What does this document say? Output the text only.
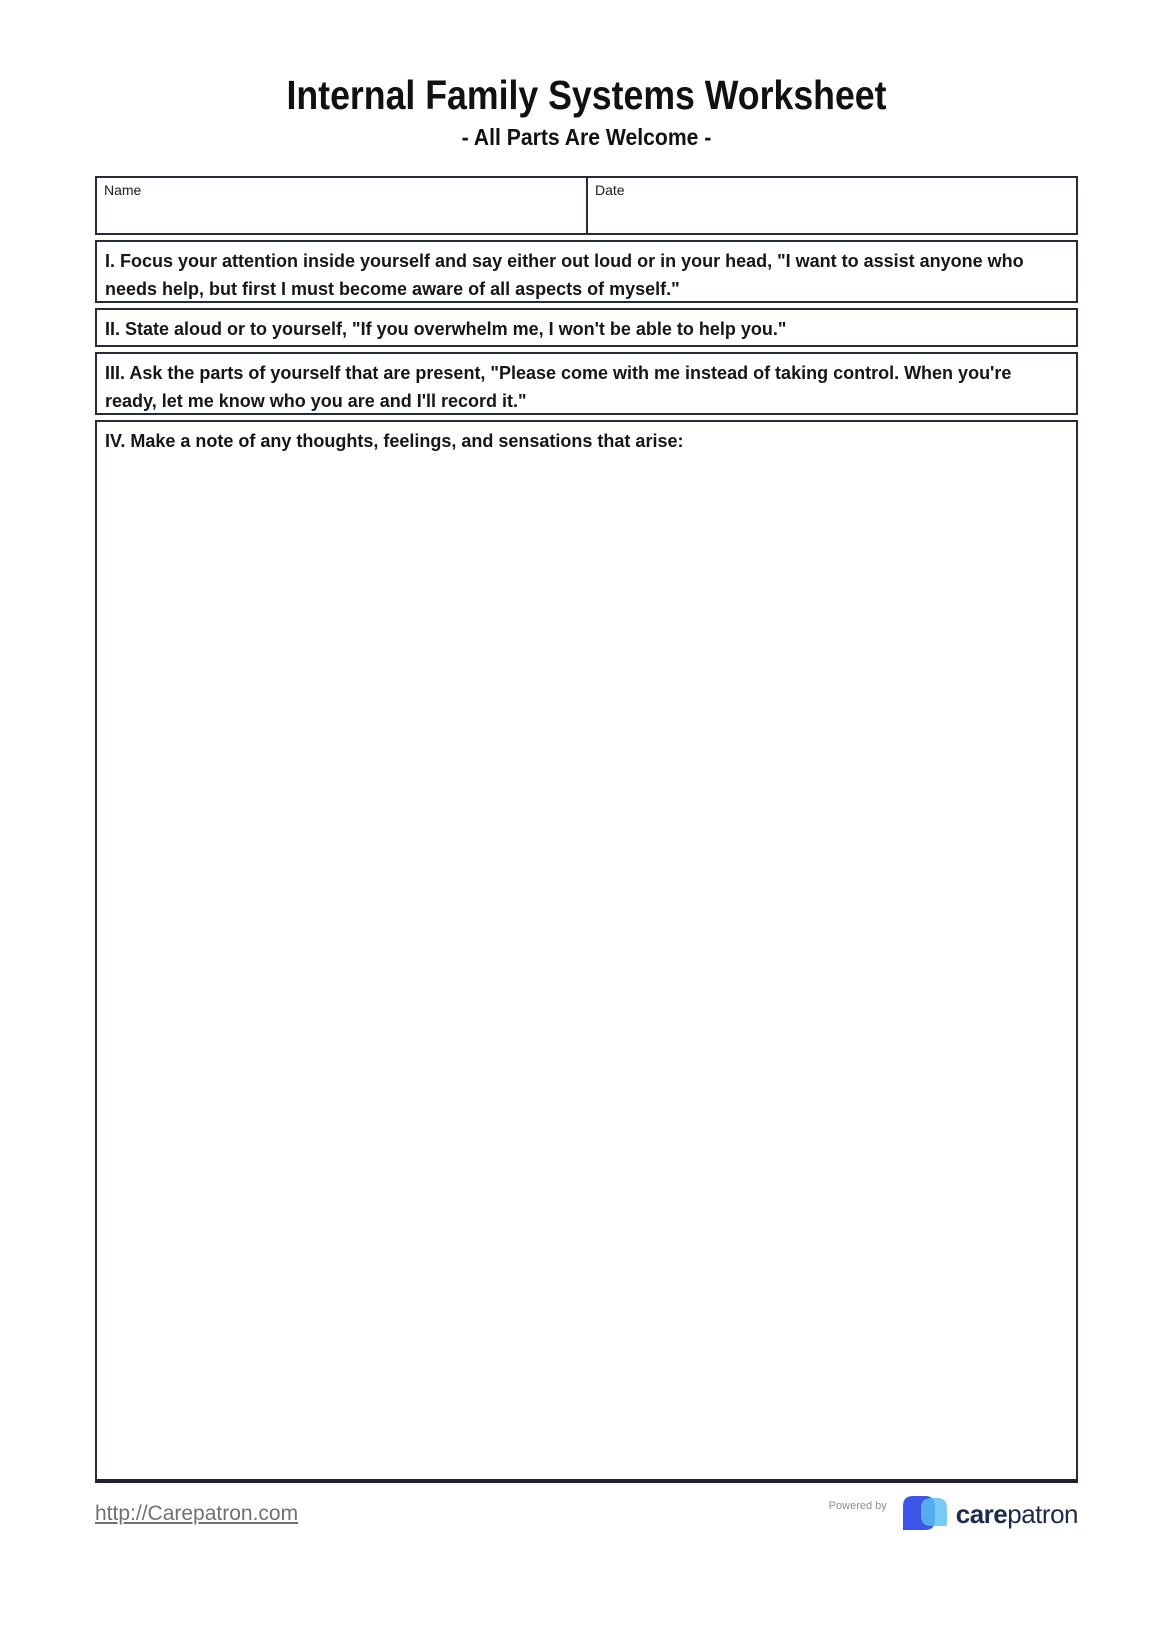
Internal Family Systems Worksheet
- All Parts Are Welcome -
Name	Date
I. Focus your attention inside yourself and say either out loud or in your head, "I want to assist anyone who needs help, but first I must become aware of all aspects of myself."
II. State aloud or to yourself, "If you overwhelm me, I won't be able to help you."
III. Ask the parts of yourself that are present, "Please come with me instead of taking control. When you're ready, let me know who you are and I'll record it."
IV. Make a note of any thoughts, feelings, and sensations that arise:
http://Carepatron.com	Powered by	carepatron
